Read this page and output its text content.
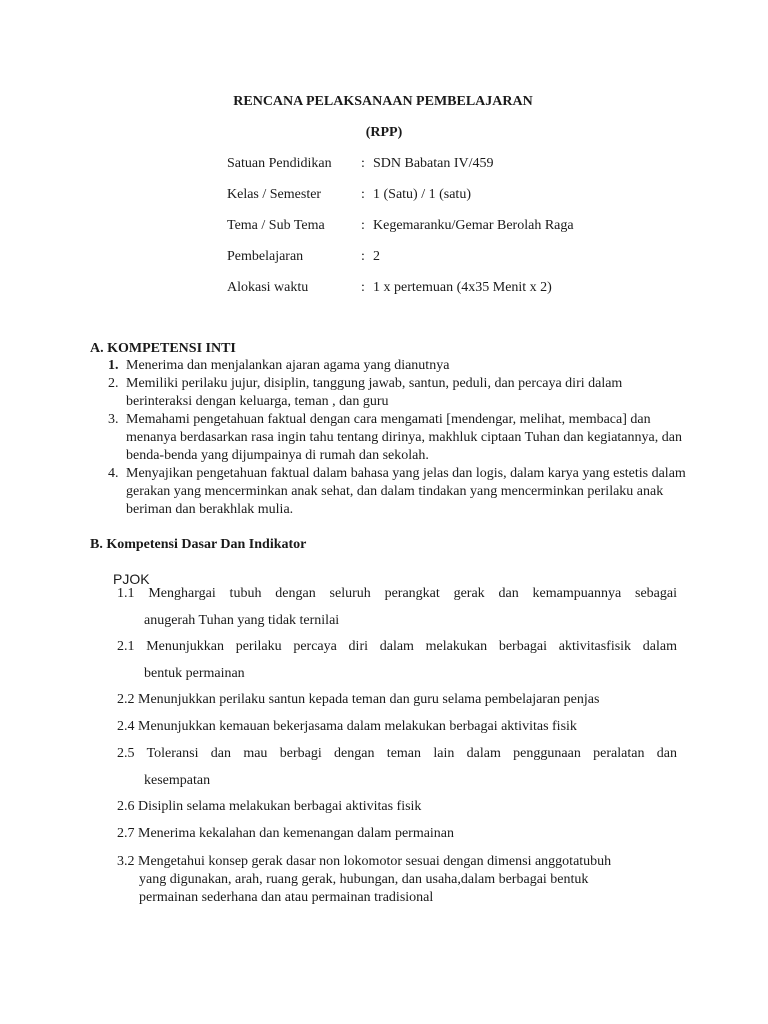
RENCANA PELAKSANAAN PEMBELAJARAN
(RPP)
Satuan Pendidikan : SDN Babatan IV/459
Kelas / Semester	: 1 (Satu) / 1 (satu)
Tema / Sub Tema	: Kegemaranku/Gemar Berolah Raga
Pembelajaran	: 2
Alokasi waktu	: 1 x pertemuan (4x35 Menit x 2)
A. KOMPETENSI INTI
1. Menerima dan menjalankan ajaran agama yang dianutnya
2. Memiliki perilaku jujur, disiplin, tanggung jawab, santun, peduli, dan percaya diri dalam berinteraksi dengan keluarga, teman , dan guru
3. Memahami pengetahuan faktual dengan cara mengamati [mendengar, melihat, membaca] dan menanya berdasarkan rasa ingin tahu tentang dirinya, makhluk ciptaan Tuhan dan kegiatannya, dan benda-benda yang dijumpainya di rumah dan sekolah.
4. Menyajikan pengetahuan faktual dalam bahasa yang jelas dan logis, dalam karya yang estetis dalam gerakan yang mencerminkan anak sehat, dan dalam tindakan yang mencerminkan perilaku anak beriman dan berakhlak mulia.
B. Kompetensi Dasar Dan Indikator
PJOK
1.1 Menghargai tubuh dengan seluruh perangkat gerak dan kemampuannya sebagai
anugerah Tuhan yang tidak ternilai
2.1 Menunjukkan perilaku percaya diri dalam melakukan berbagai aktivitasfisik dalam
bentuk permainan
2.2 Menunjukkan perilaku santun kepada teman dan guru selama pembelajaran penjas
2.4 Menunjukkan kemauan bekerjasama dalam melakukan berbagai aktivitas fisik
2.5 Toleransi dan mau berbagi dengan teman lain dalam penggunaan peralatan dan
kesempatan
2.6 Disiplin selama melakukan berbagai aktivitas fisik
2.7 Menerima kekalahan dan kemenangan dalam permainan
3.2 Mengetahui konsep gerak dasar non lokomotor sesuai dengan dimensi anggotatubuh
yang digunakan, arah, ruang gerak, hubungan, dan usaha,dalam berbagai bentuk
permainan sederhana dan atau permainan tradisional
